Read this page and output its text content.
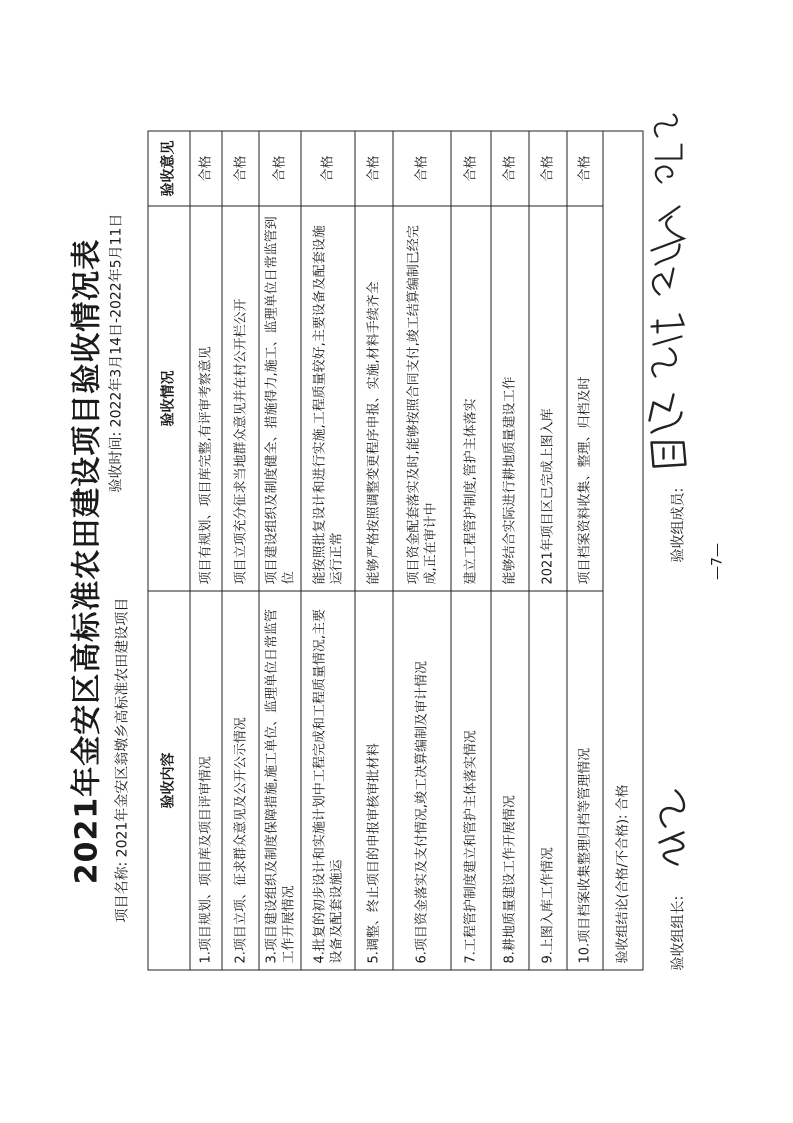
2021年金安区高标准农田建设项目验收情况表
项目名称: 2021年金安区翁墩乡高标准农田建设项目
验收时间: 2022年3月14日-2022年5月11日
验收内容	验收情况	验收意见
1.项目规划、项目库及项目评审情况	项目有规划、项目库完整,有评审考察意见	合格
2.项目立项、征求群众意见及公开公示情况	项目立项充分征求当地群众意见并在村公开栏公开	合格
3.项目建设组织及制度保障措施,施工单位、监理单位日常监管工作开展情况	项目建设组织及制度健全、措施得力,施工、监理单位日常监管到位	合格
4.批复的初步设计和实施计划中工程完成和工程质量情况,主要设备及配套设施运	能按照批复设计和进行实施,工程质量较好,主要设备及配套设施运行正常	合格
5.调整、终止项目的申报审核审批材料	能够严格按照调整变更程序申报、实施,材料手续齐全	合格
6.项目资金落实及支付情况,竣工决算编制及审计情况	项目资金配套落实及时,能够按照合同支付,竣工结算编制已经完成,正在审计中	合格
7.工程管护制度建立和管护主体落实情况	建立工程管护制度,管护主体落实	合格
8.耕地质量建设工作开展情况	能够结合实际进行耕地质量建设工作	合格
9.上图入库工作情况	2021年项目区已完成上图入库	合格
10.项目档案收集整理归档等管理情况	项目档案资料收集、整理、归档及时	合格
验收组结论(合格/不合格): 合格		
验收组组长:
验收组成员: —7—
